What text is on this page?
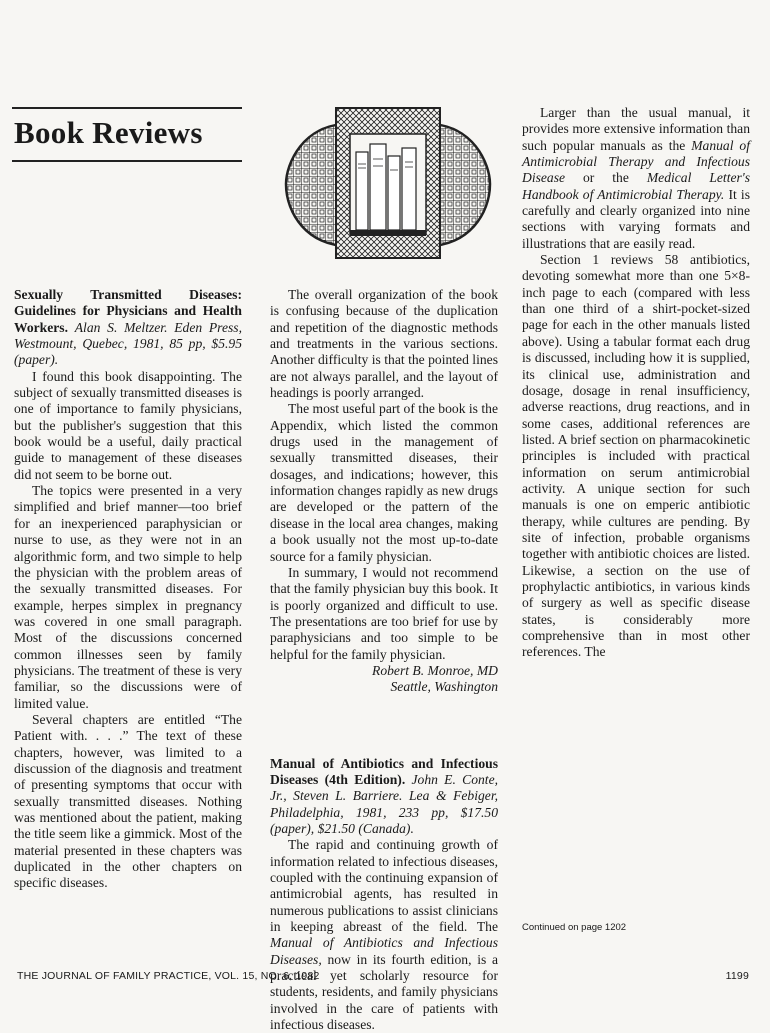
Book Reviews

Sexually Transmitted Diseases: Guidelines for Physicians and Health Workers. Alan S. Meltzer. Eden Press, Westmount, Quebec, 1981, 85 pp, $5.95 (paper).

I found this book disappointing. The subject of sexually transmitted diseases is one of importance to family physicians, but the publisher's suggestion that this book would be a useful, daily practical guide to management of these diseases did not seem to be borne out.

The topics were presented in a very simplified and brief manner—too brief for an inexperienced paraphysician or nurse to use, as they were not in an algorithmic form, and two simple to help the physician with the problem areas of the sexually transmitted diseases. For example, herpes simplex in pregnancy was covered in one small paragraph. Most of the discussions concerned common illnesses seen by family physicians. The treatment of these is very familiar, so the discussions were of limited value.

Several chapters are entitled “The Patient with. . . .” The text of these chapters, however, was limited to a discussion of the diagnosis and treatment of presenting symptoms that occur with sexually transmitted diseases. Nothing was mentioned about the patient, making the title seem like a gimmick. Most of the material presented in these chapters was duplicated in the other chapters on specific diseases.

The overall organization of the book is confusing because of the duplication and repetition of the diagnostic methods and treatments in the various sections. Another difficulty is that the pointed lines are not always parallel, and the layout of headings is poorly arranged.

The most useful part of the book is the Appendix, which listed the common drugs used in the management of sexually transmitted diseases, their dosages, and indications; however, this information changes rapidly as new drugs are developed or the pattern of the disease in the local area changes, making a book usually not the most up-to-date source for a family physician.

In summary, I would not recommend that the family physician buy this book. It is poorly organized and difficult to use. The presentations are too brief for use by paraphysicians and too simple to be helpful for the family physician.

Robert B. Monroe, MD

Seattle, Washington

Manual of Antibiotics and Infectious Diseases (4th Edition). John E. Conte, Jr., Steven L. Barriere. Lea & Febiger, Philadelphia, 1981, 233 pp, $17.50 (paper), $21.50 (Canada).

The rapid and continuing growth of information related to infectious diseases, coupled with the continuing expansion of antimicrobial agents, has resulted in numerous publications to assist clinicians in keeping abreast of the field. The Manual of Antibiotics and Infectious Diseases, now in its fourth edition, is a practical yet scholarly resource for students, residents, and family physicians involved in the care of patients with infectious diseases.

Larger than the usual manual, it provides more extensive information than such popular manuals as the Manual of Antimicrobial Therapy and Infectious Disease or the Medical Letter's Handbook of Antimicrobial Therapy. It is carefully and clearly organized into nine sections with varying formats and illustrations that are easily read.

Section 1 reviews 58 antibiotics, devoting somewhat more than one 5×8-inch page to each (compared with less than one third of a shirt-pocket-sized page for each in the other manuals listed above). Using a tabular format each drug is discussed, including how it is supplied, its clinical use, administration and dosage, dosage in renal insufficiency, adverse reactions, drug reactions, and in some cases, additional references are listed. A brief section on pharmacokinetic principles is included with practical information on serum antimicrobial activity. A unique section for such manuals is one on emperic antibiotic therapy, while cultures are pending. By site of infection, probable organisms together with antibiotic choices are listed. Likewise, a section on the use of prophylactic antibiotics, in various kinds of surgery as well as specific disease states, is considerably more comprehensive than in most other references. The

Continued on page 1202
THE JOURNAL OF FAMILY PRACTICE, VOL. 15, NO. 6, 1982	1199
